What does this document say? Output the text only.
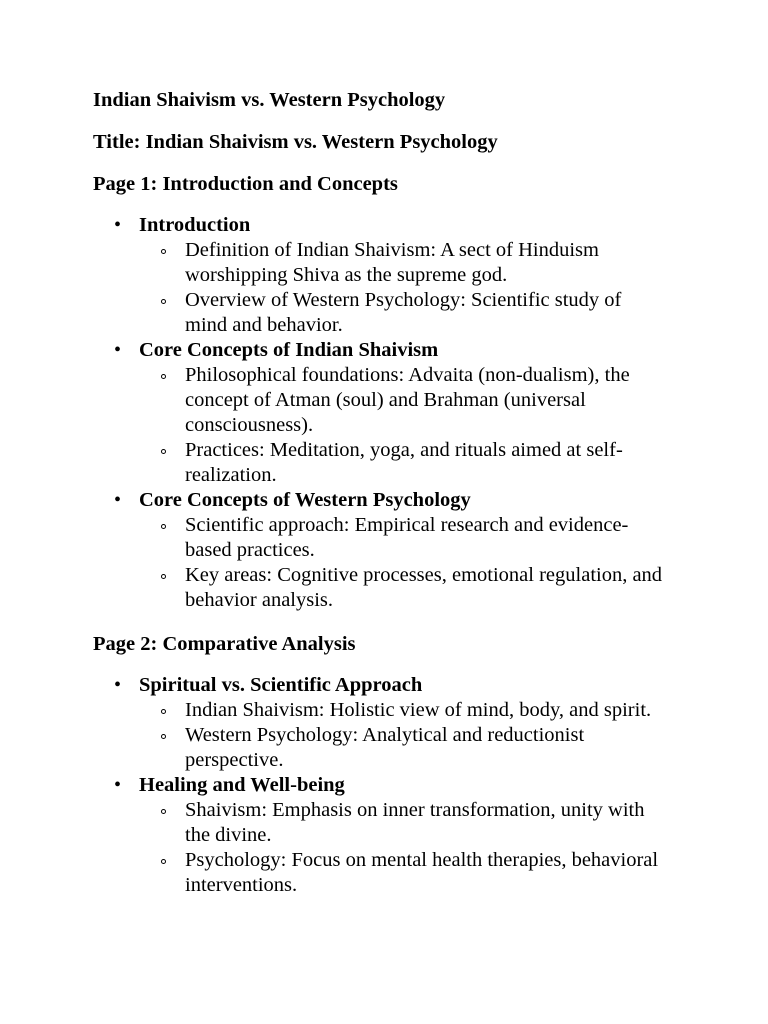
Indian Shaivism vs. Western Psychology

Title: Indian Shaivism vs. Western Psychology

Page 1: Introduction and Concepts

• Introduction
Definition of Indian Shaivism: A sect of Hinduism worshipping Shiva as the supreme god.
Overview of Western Psychology: Scientific study of mind and behavior.
• Core Concepts of Indian Shaivism
Philosophical foundations: Advaita (non-dualism), the concept of Atman (soul) and Brahman (universal consciousness).
Practices: Meditation, yoga, and rituals aimed at self-realization.
• Core Concepts of Western Psychology
Scientific approach: Empirical research and evidence-based practices.
Key areas: Cognitive processes, emotional regulation, and behavior analysis.

Page 2: Comparative Analysis

• Spiritual vs. Scientific Approach
Indian Shaivism: Holistic view of mind, body, and spirit.
Western Psychology: Analytical and reductionist perspective.
• Healing and Well-being
Shaivism: Emphasis on inner transformation, unity with the divine.
Psychology: Focus on mental health therapies, behavioral interventions.
